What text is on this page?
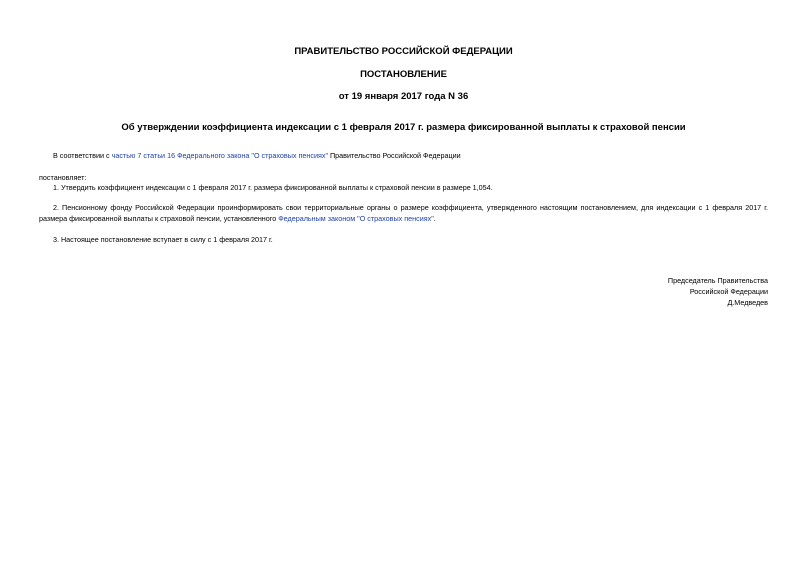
ПРАВИТЕЛЬСТВО РОССИЙСКОЙ ФЕДЕРАЦИИ
ПОСТАНОВЛЕНИЕ
от 19 января 2017 года N 36
Об утверждении коэффициента индексации с 1 февраля 2017 г. размера фиксированной выплаты к страховой пенсии
В соответствии с частью 7 статьи 16 Федерального закона "О страховых пенсиях" Правительство Российской Федерации
постановляет:
1. Утвердить коэффициент индексации с 1 февраля 2017 г. размера фиксированной выплаты к страховой пенсии в размере 1,054.
2. Пенсионному фонду Российской Федерации проинформировать свои территориальные органы о размере коэффициента, утвержденного настоящим постановлением, для индексации с 1 февраля 2017 г.
размера фиксированной выплаты к страховой пенсии, установленного Федеральным законом "О страховых пенсиях".
3. Настоящее постановление вступает в силу с 1 февраля 2017 г.
Председатель Правительства
Российской Федерации
Д.Медведев
